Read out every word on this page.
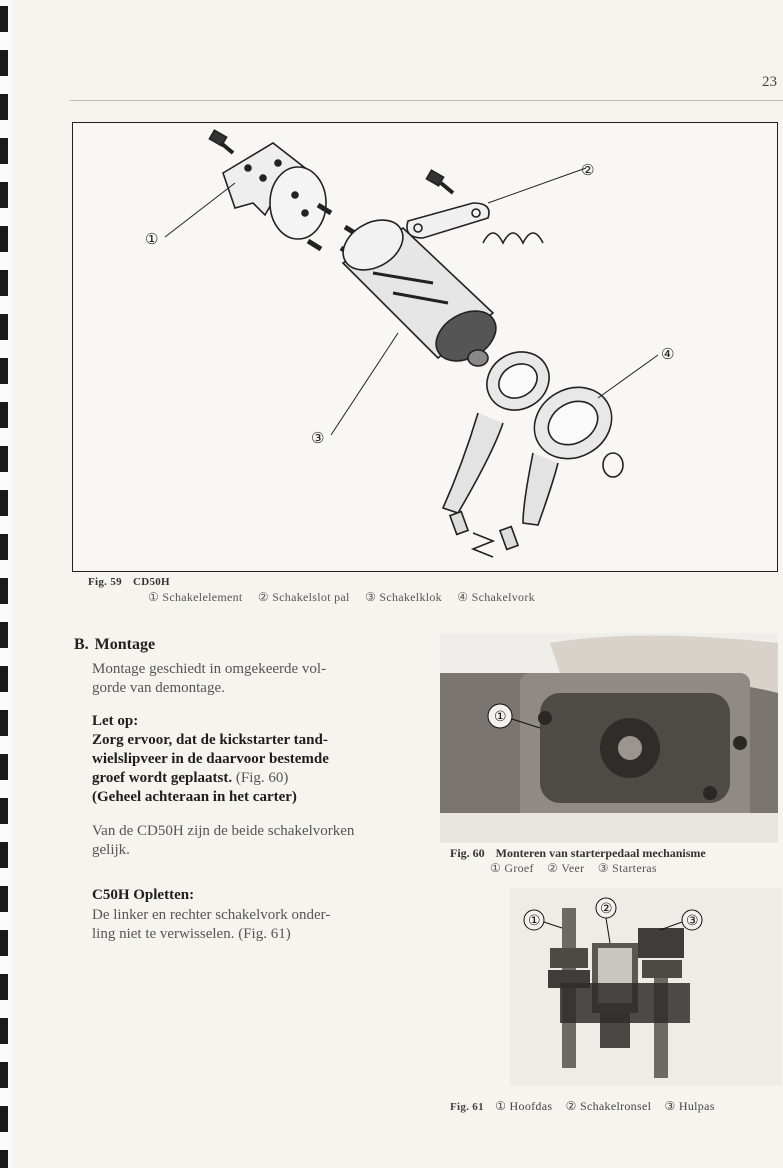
23
①
②
③
④
Fig. 59 CD50H
① Schakelelement ② Schakelslot pal ③ Schakelklok ④ Schakelvork
B. Montage
Montage geschiedt in omgekeerde vol-
gorde van demontage.
Let op:
Zorg ervoor, dat de kickstarter tand-
wielslipveer in de daarvoor bestemde
groef wordt geplaatst. (Fig. 60)
(Geheel achteraan in het carter)
Van de CD50H zijn de beide schakelvorken
gelijk.
C50H Opletten:
De linker en rechter schakelvork onder-
ling niet te verwisselen. (Fig. 61)
①
Fig. 60 Monteren van starterpedaal mechanisme
① Groef ② Veer ③ Starteras
①
②
③
Fig. 61 ① Hoofdas ② Schakelronsel ③ Hulpas
